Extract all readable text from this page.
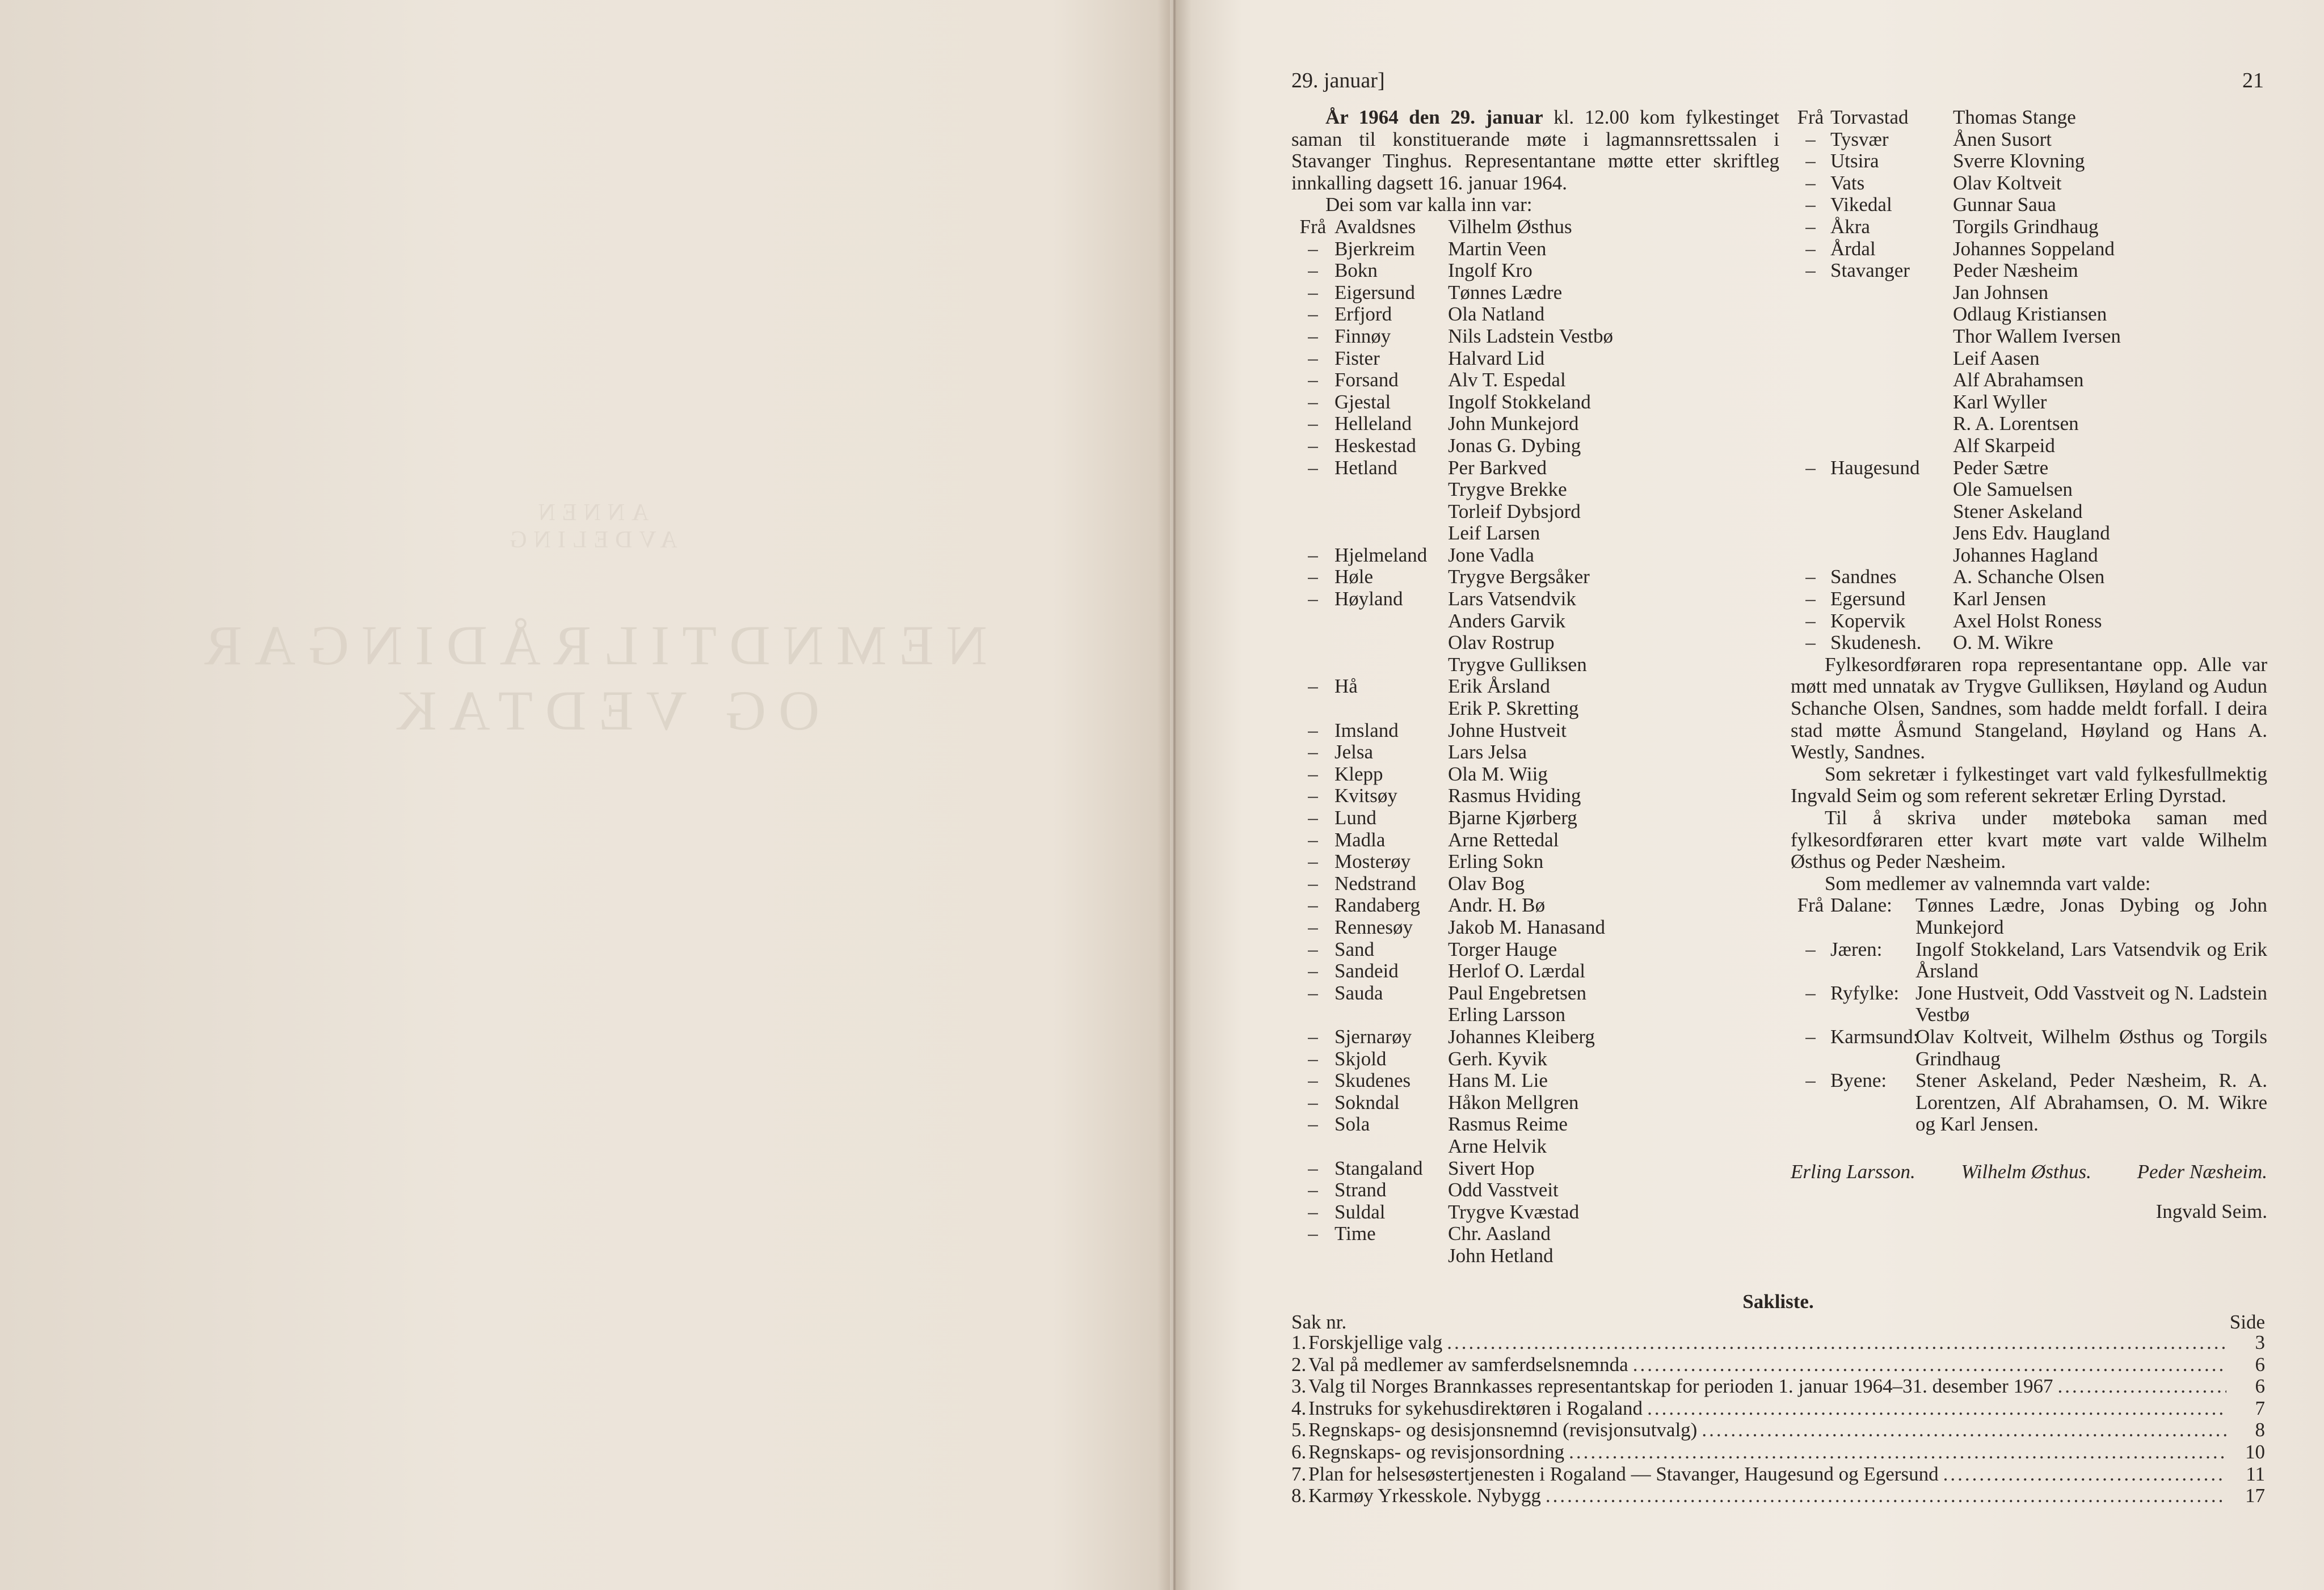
ANNEN AVDELING
NEMNDTILRÅDINGAR OG VEDTAK
29. januar]	21

År 1964 den 29. januar kl. 12.00 kom fylkestinget saman til konstituerande møte i lagmannsrettssalen i Stavanger Tinghus. Representantane møtte etter skriftleg innkalling dagsett 16. januar 1964.

Dei som var kalla inn var:

Frå Avaldsnes	Vilhelm Østhus
– Bjerkreim	Martin Veen
– Bokn	Ingolf Kro
– Eigersund	Tønnes Lædre
– Erfjord	Ola Natland
– Finnøy	Nils Ladstein Vestbø
– Fister	Halvard Lid
– Forsand	Alv T. Espedal
– Gjestal	Ingolf Stokkeland
– Helleland	John Munkejord
– Heskestad	Jonas G. Dybing
– Hetland	Per Barkved
Trygve Brekke
Torleif Dybsjord
Leif Larsen
– Hjelmeland	Jone Vadla
– Høle	Trygve Bergsåker
– Høyland	Lars Vatsendvik
Anders Garvik
Olav Rostrup
Trygve Gulliksen
– Hå	Erik Årsland
Erik P. Skretting
– Imsland	Johne Hustveit
– Jelsa	Lars Jelsa
– Klepp	Ola M. Wiig
– Kvitsøy	Rasmus Hviding
– Lund	Bjarne Kjørberg
– Madla	Arne Rettedal
– Mosterøy	Erling Sokn
– Nedstrand	Olav Bog
– Randaberg	Andr. H. Bø
– Rennesøy	Jakob M. Hanasand
– Sand	Torger Hauge
– Sandeid	Herlof O. Lærdal
– Sauda	Paul Engebretsen
Erling Larsson
– Sjernarøy	Johannes Kleiberg
– Skjold	Gerh. Kyvik
– Skudenes	Hans M. Lie
– Sokndal	Håkon Mellgren
– Sola	Rasmus Reime
Arne Helvik
– Stangaland	Sivert Hop
– Strand	Odd Vasstveit
– Suldal	Trygve Kvæstad
– Time	Chr. Aasland
John Hetland
Frå Torvastad	Thomas Stange
– Tysvær	Ånen Susort
– Utsira	Sverre Klovning
– Vats	Olav Koltveit
– Vikedal	Gunnar Saua
– Åkra	Torgils Grindhaug
– Årdal	Johannes Soppeland
– Stavanger	Peder Næsheim
Jan Johnsen
Odlaug Kristiansen
Thor Wallem Iversen
Leif Aasen
Alf Abrahamsen
Karl Wyller
R. A. Lorentsen
Alf Skarpeid
– Haugesund	Peder Sætre
Ole Samuelsen
Stener Askeland
Jens Edv. Haugland
Johannes Hagland
– Sandnes	A. Schanche Olsen
– Egersund	Karl Jensen
– Kopervik	Axel Holst Roness
– Skudenesh.	O. M. Wikre

Fylkesordføraren ropa representantane opp. Alle var møtt med unnatak av Trygve Gulliksen, Høyland og Audun Schanche Olsen, Sandnes, som hadde meldt forfall. I deira stad møtte Åsmund Stangeland, Høyland og Hans A. Westly, Sandnes.

Som sekretær i fylkestinget vart vald fylkesfullmektig Ingvald Seim og som referent sekretær Erling Dyrstad.

Til å skriva under møteboka saman med fylkesordføraren etter kvart møte vart valde Wilhelm Østhus og Peder Næsheim.

Som medlemer av valnemnda vart valde:

Frå Dalane:	Tønnes Lædre, Jonas Dybing og John Munkejord
– Jæren:	Ingolf Stokkeland, Lars Vatsendvik og Erik Årsland
– Ryfylke: Jone Hustveit, Odd Vasstveit og N. Ladstein Vestbø
– Karmsund:
Olav Koltveit, Wilhelm Østhus og Torgils Grindhaug
– Byene:	Stener Askeland, Peder Næsheim, R. A. Lorentzen, Alf Abrahamsen, O. M. Wikre og Karl Jensen.
Erling Larsson. Wilhelm Østhus. Peder Næsheim.
Ingvald Seim.
Sakliste.
Sak nr.	Side
1. Forskjellige valg .....	3
2. Val på medlemer av samferdselsnemnda .....	6
3. Valg til Norges Brannkasses representantskap for perioden 1. januar 1964–31. desember 1967 .....	6
4. Instruks for sykehusdirektøren i Rogaland .....	7
5. Regnskaps- og desisjonsnemnd (revisjonsutvalg) .....	8
6. Regnskaps- og revisjonsordning .....	10
7. Plan for helsesøstertjenesten i Rogaland — Stavanger, Haugesund og Egersund .....	11
8. Karmøy Yrkesskole. Nybygg .....	17
